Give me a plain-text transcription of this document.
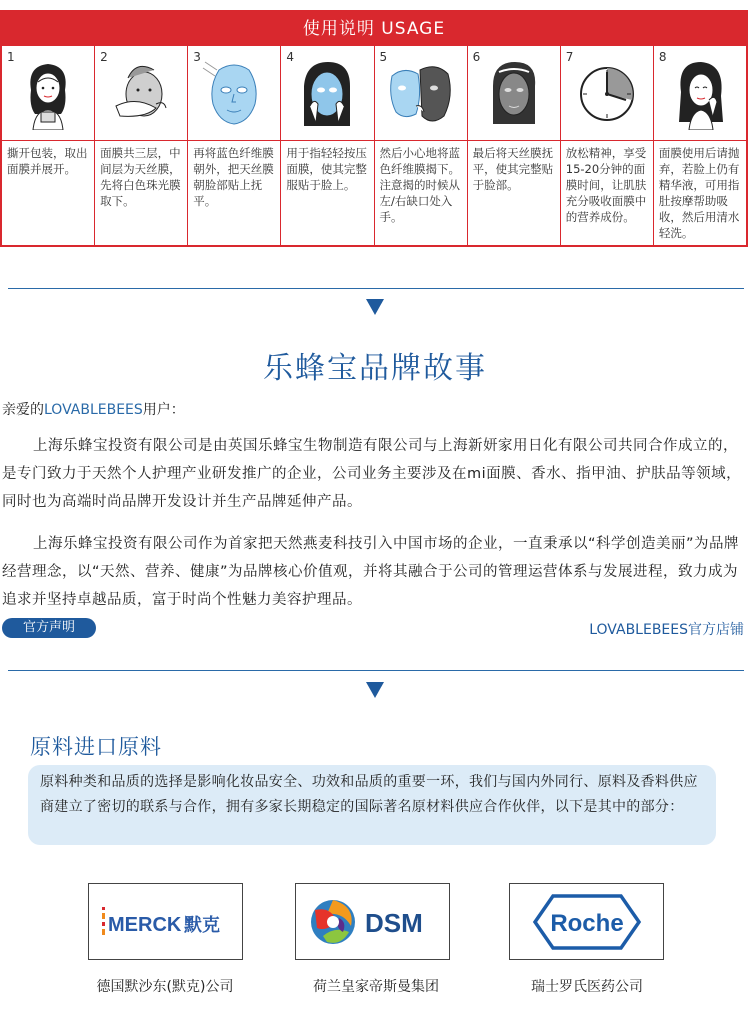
使用说明 USAGE
1
撕开包装，取出面膜并展开。
2
面膜共三层，中间层为天丝膜，先将白色珠光膜取下。
3
再将蓝色纤维膜朝外，把天丝膜朝脸部贴上抚平。
4
用于指轻轻按压面膜，使其完整服贴于脸上。
5
然后小心地将蓝色纤维膜揭下。注意揭的时候从左/右缺口处入手。
6
最后将天丝膜抚平，使其完整贴于脸部。
7
放松精神，享受15-20分钟的面膜时间，让肌肤充分吸收面膜中的营养成份。
8
面膜使用后请抛弃，若脸上仍有精华液，可用指肚按摩帮助吸收，然后用清水轻洗。
乐蜂宝品牌故事
亲爱的LOVABLEBEES用户：
上海乐蜂宝投资有限公司是由英国乐蜂宝生物制造有限公司与上海新妍家用日化有限公司共同合作成立的，是专门致力于天然个人护理产业研发推广的企业，公司业务主要涉及在mi面膜、香水、指甲油、护肤品等领域，同时也为高端时尚品牌开发设计并生产品牌延伸产品。
上海乐蜂宝投资有限公司作为首家把天然燕麦科技引入中国市场的企业，一直秉承以“科学创造美丽”为品牌经营理念，以“天然、营养、健康”为品牌核心价值观，并将其融合于公司的管理运营体系与发展进程，致力成为追求并坚持卓越品质，富于时尚个性魅力美容护理品。
官方声明	LOVABLEBEES官方店铺
原料进口原料
原料种类和品质的选择是影响化妆品安全、功效和品质的重要一环，我们与国内外同行、原料及香料供应商建立了密切的联系与合作，拥有多家长期稳定的国际著名原材料供应合作伙伴，以下是其中的部分：
MERCK 默克
德国默沙东(默克)公司
DSM
荷兰皇家帝斯曼集团
Roche
瑞士罗氏医药公司
